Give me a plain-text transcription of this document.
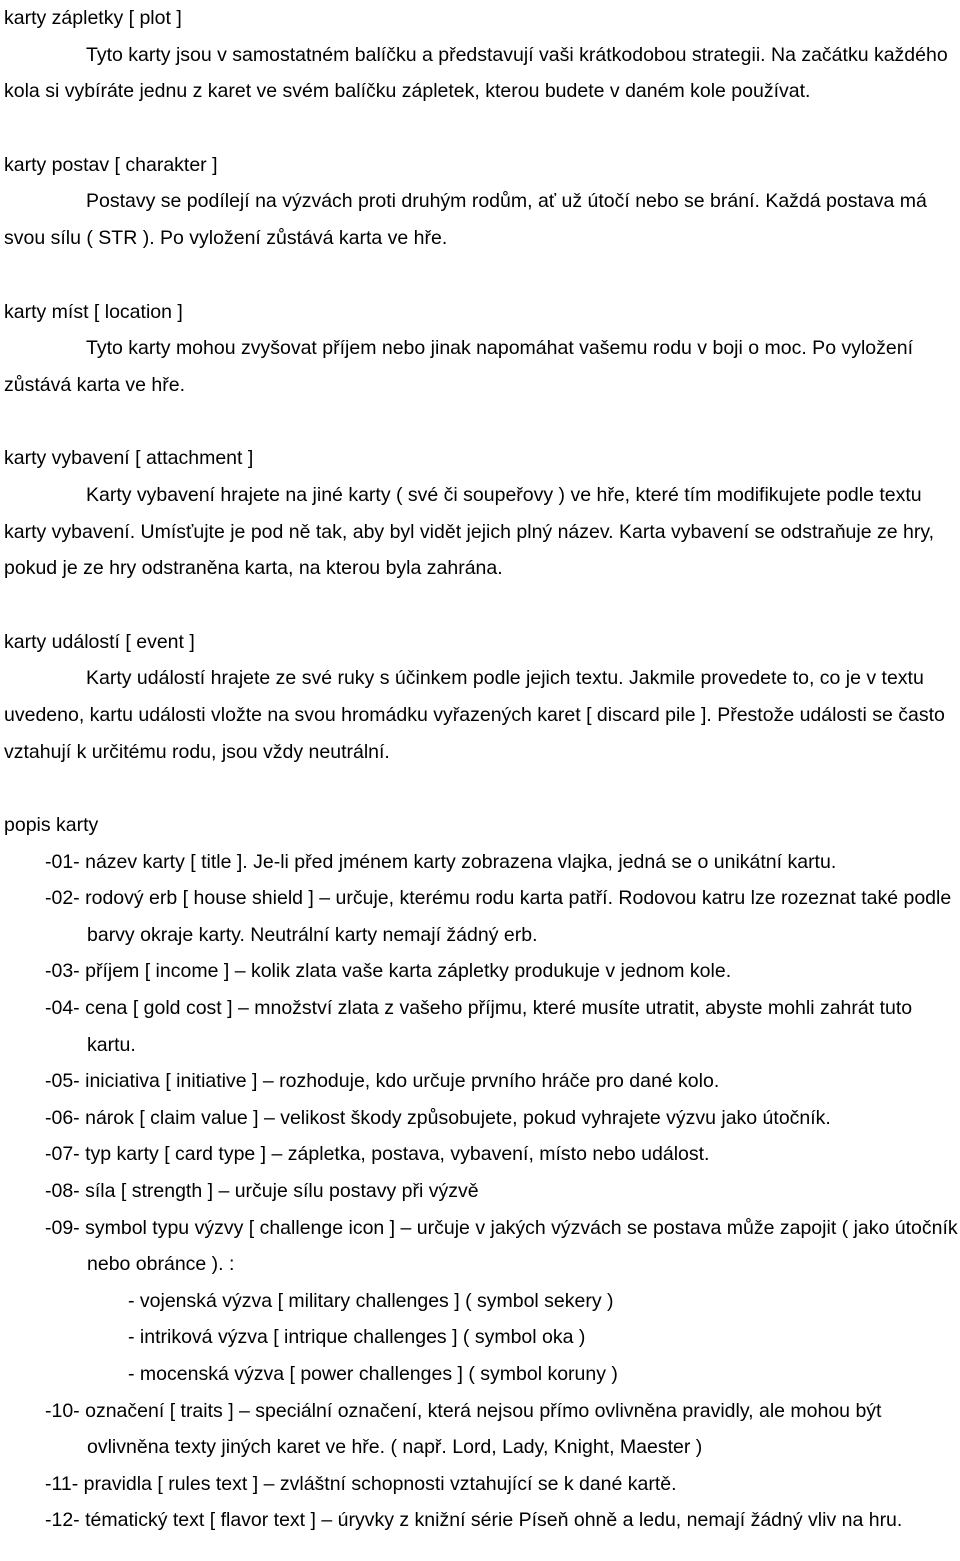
karty zápletky [ plot ]

Tyto karty jsou v samostatném balíčku a představují vaši krátkodobou strategii. Na začátku každého kola si vybíráte jednu z karet ve svém balíčku zápletek, kterou budete v daném kole používat.

karty postav [ charakter ]

Postavy se podílejí na výzvách proti druhým rodům, ať už útočí nebo se brání. Každá postava má svou sílu ( STR ). Po vyložení zůstává karta ve hře.

karty míst [ location ]

Tyto karty mohou zvyšovat příjem nebo jinak napomáhat vašemu rodu v boji o moc. Po vyložení zůstává karta ve hře.

karty vybavení [ attachment ]

Karty vybavení hrajete na jiné karty ( své či soupeřovy ) ve hře, které tím modifikujete podle textu karty vybavení. Umísťujte je pod ně tak, aby byl vidět jejich plný název. Karta vybavení se odstraňuje ze hry, pokud je ze hry odstraněna karta, na kterou byla zahrána.

karty událostí [ event ]

Karty událostí hrajete ze své ruky s účinkem podle jejich textu. Jakmile provedete to, co je v textu uvedeno, kartu události vložte na svou hromádku vyřazených karet [ discard pile ]. Přestože události se často vztahují k určitému rodu, jsou vždy neutrální.

popis karty

-01- název karty [ title ]. Je-li před jménem karty zobrazena vlajka, jedná se o unikátní kartu.
-02- rodový erb [ house shield ] – určuje, kterému rodu karta patří. Rodovou katru lze rozeznat také podle barvy okraje karty. Neutrální karty nemají žádný erb.
-03- příjem [ income ] – kolik zlata vaše karta zápletky produkuje v jednom kole.
-04- cena [ gold cost ] – množství zlata z vašeho příjmu, které musíte utratit, abyste mohli zahrát tuto kartu.
-05- iniciativa [ initiative ] – rozhoduje, kdo určuje prvního hráče pro dané kolo.
-06- nárok [ claim value ] – velikost škody způsobujete, pokud vyhrajete výzvu jako útočník.
-07- typ karty [ card type ] – zápletka, postava, vybavení, místo nebo událost.
-08- síla [ strength ] – určuje sílu postavy při výzvě
-09- symbol typu výzvy [ challenge icon ] – určuje v jakých výzvách se postava může zapojit ( jako útočník nebo obránce ). :
- vojenská výzva [ military challenges ] ( symbol sekery )
- intriková výzva [ intrique challenges ] ( symbol oka )
- mocenská výzva [ power challenges ] ( symbol koruny )
-10- označení [ traits ] – speciální označení, která nejsou přímo ovlivněna pravidly, ale mohou být ovlivněna texty jiných karet ve hře. ( např. Lord, Lady, Knight, Maester )
-11- pravidla [ rules text ] – zvláštní schopnosti vztahující se k dané kartě.
-12- tématický text [ flavor text ] – úryvky z knižní série Píseň ohně a ledu, nemají žádný vliv na hru.
